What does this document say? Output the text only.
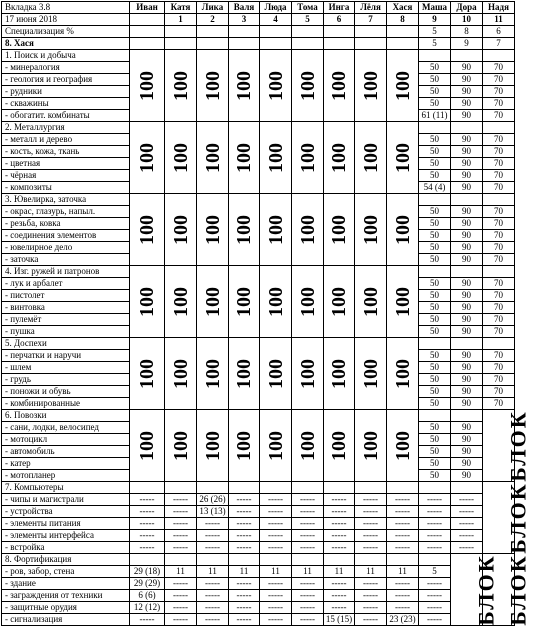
Вкладка 3.8	Иван	Катя	Лика	Валя	Люда	Тома	Инга	Лёля	Хася	Маша	Дора	Надя
17 июня 2018		1	2	3	4	5	6	7	8	9	10	11
Специализация %										5	8	6
8. Хася										5	9	7
1. Поиск и добыча	100	100	100	100	100	100	100	100	100			
- минералогия										50	90	70
- геология и география										50	90	70
- рудники										50	90	70
- скважины										50	90	70
- обогатит. комбинаты										61 (11)	90	70
2. Металлургия	100	100	100	100	100	100	100	100	100			
- металл и дерево										50	90	70
- кость, кожа, ткань										50	90	70
- цветная										50	90	70
- чёрная										50	90	70
- композиты										54 (4)	90	70
3. Ювелирка, заточка	100	100	100	100	100	100	100	100	100			
- окрас, глазурь, напыл.										50	90	70
- резьба, ковка										50	90	70
- соединения элементов										50	90	70
- ювелирное дело										50	90	70
- заточка										50	90	70
4. Изг. ружей и патронов	100	100	100	100	100	100	100	100	100			
- лук и арбалет										50	90	70
- пистолет										50	90	70
- винтовка										50	90	70
- пулемёт										50	90	70
- пушка										50	90	70
5. Доспехи	100	100	100	100	100	100	100	100	100			
- перчатки и наручи										50	90	70
- шлем										50	90	70
- грудь										50	90	70
- поножи и обувь										50	90	70
- комбинированные										50	90	70
6. Повозки	100	100	100	100	100	100	100	100	100			БЛОК
- сани, лодки, велосипед										50	90	
- мотоцикл										50	90	
- автомобиль										50	90	
- катер										50	90	
- мотопланер										50	90	
7. Компьютеры												БЛОК
- чипы и магистрали	-----	-----	26 (26)	-----	-----	-----	-----	-----	-----	-----	-----	
- устройства	-----	-----	13 (13)	-----	-----	-----	-----	-----	-----	-----	-----	
- элементы питания	-----	-----	-----	-----	-----	-----	-----	-----	-----	-----	-----	
- элементы интерфейса	-----	-----	-----	-----	-----	-----	-----	-----	-----	-----	-----	
- встройка	-----	-----	-----	-----	-----	-----	-----	-----	-----	-----	-----	
8. Фортификация											БЛОК	БЛОК
- ров, забор, стена	29 (18)	11	11	11	11	11	11	11	11	5		
- здание	29 (29)	-----	-----	-----	-----	-----	-----	-----	-----	-----		
- заграждения от техники	6 (6)	-----	-----	-----	-----	-----	-----	-----	-----	-----		
- защитные орудия	12 (12)	-----	-----	-----	-----	-----	-----	-----	-----	-----		
- сигнализация	-----	-----	-----	-----	-----	-----	15 (15)	-----	23 (23)	-----		
